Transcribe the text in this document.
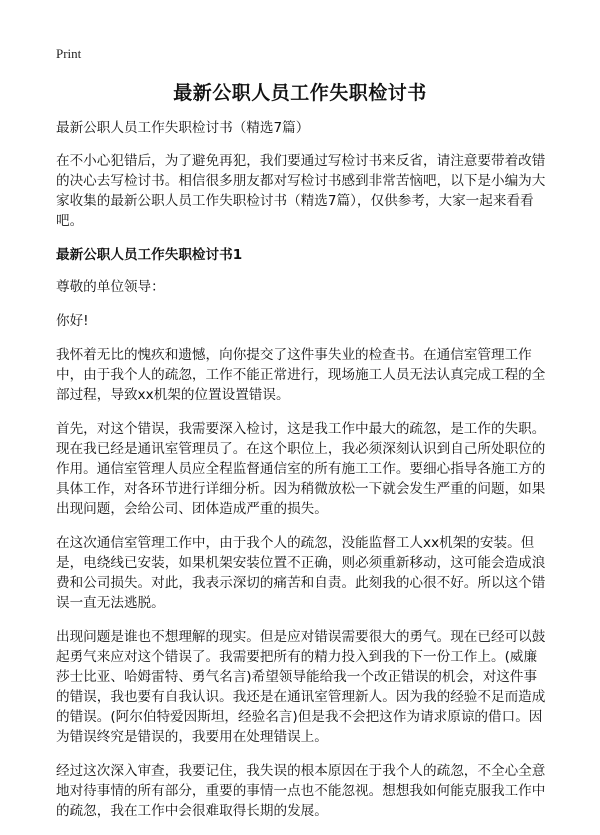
Print
最新公职人员工作失职检讨书

最新公职人员工作失职检讨书（精选7篇）

在不小心犯错后，为了避免再犯，我们要通过写检讨书来反省，请注意要带着改错的决心去写检讨书。相信很多朋友都对写检讨书感到非常苦恼吧，以下是小编为大家收集的最新公职人员工作失职检讨书（精选7篇），仅供参考，大家一起来看看吧。

最新公职人员工作失职检讨书1

尊敬的单位领导：

你好!

我怀着无比的愧疚和遗憾，向你提交了这件事失业的检查书。在通信室管理工作中，由于我个人的疏忽，工作不能正常进行，现场施工人员无法认真完成工程的全部过程，导致xx机架的位置设置错误。

首先，对这个错误，我需要深入检讨，这是我工作中最大的疏忽，是工作的失职。现在我已经是通讯室管理员了。在这个职位上，我必须深刻认识到自己所处职位的作用。通信室管理人员应全程监督通信室的所有施工工作。要细心指导各施工方的具体工作，对各环节进行详细分析。因为稍微放松一下就会发生严重的问题，如果出现问题，会给公司、团体造成严重的损失。

在这次通信室管理工作中，由于我个人的疏忽，没能监督工人xx机架的安装。但是，电绕线已安装，如果机架安装位置不正确，则必须重新移动，这可能会造成浪费和公司损失。对此，我表示深切的痛苦和自责。此刻我的心很不好。所以这个错误一直无法逃脱。

出现问题是谁也不想理解的现实。但是应对错误需要很大的勇气。现在已经可以鼓起勇气来应对这个错误了。我需要把所有的精力投入到我的下一份工作上。(威廉莎士比亚、哈姆雷特、勇气名言)希望领导能给我一个改正错误的机会，对这件事的错误，我也要有自我认识。我还是在通讯室管理新人。因为我的经验不足而造成的错误。(阿尔伯特爱因斯坦，经验名言)但是我不会把这作为请求原谅的借口。因为错误终究是错误的，我要用在处理错误上。

经过这次深入审查，我要记住，我失误的根本原因在于我个人的疏忽，不全心全意地对待事情的所有部分，重要的事情一点也不能忽视。想想我如何能克服我工作中的疏忽，我在工作中会很难取得长期的发展。
